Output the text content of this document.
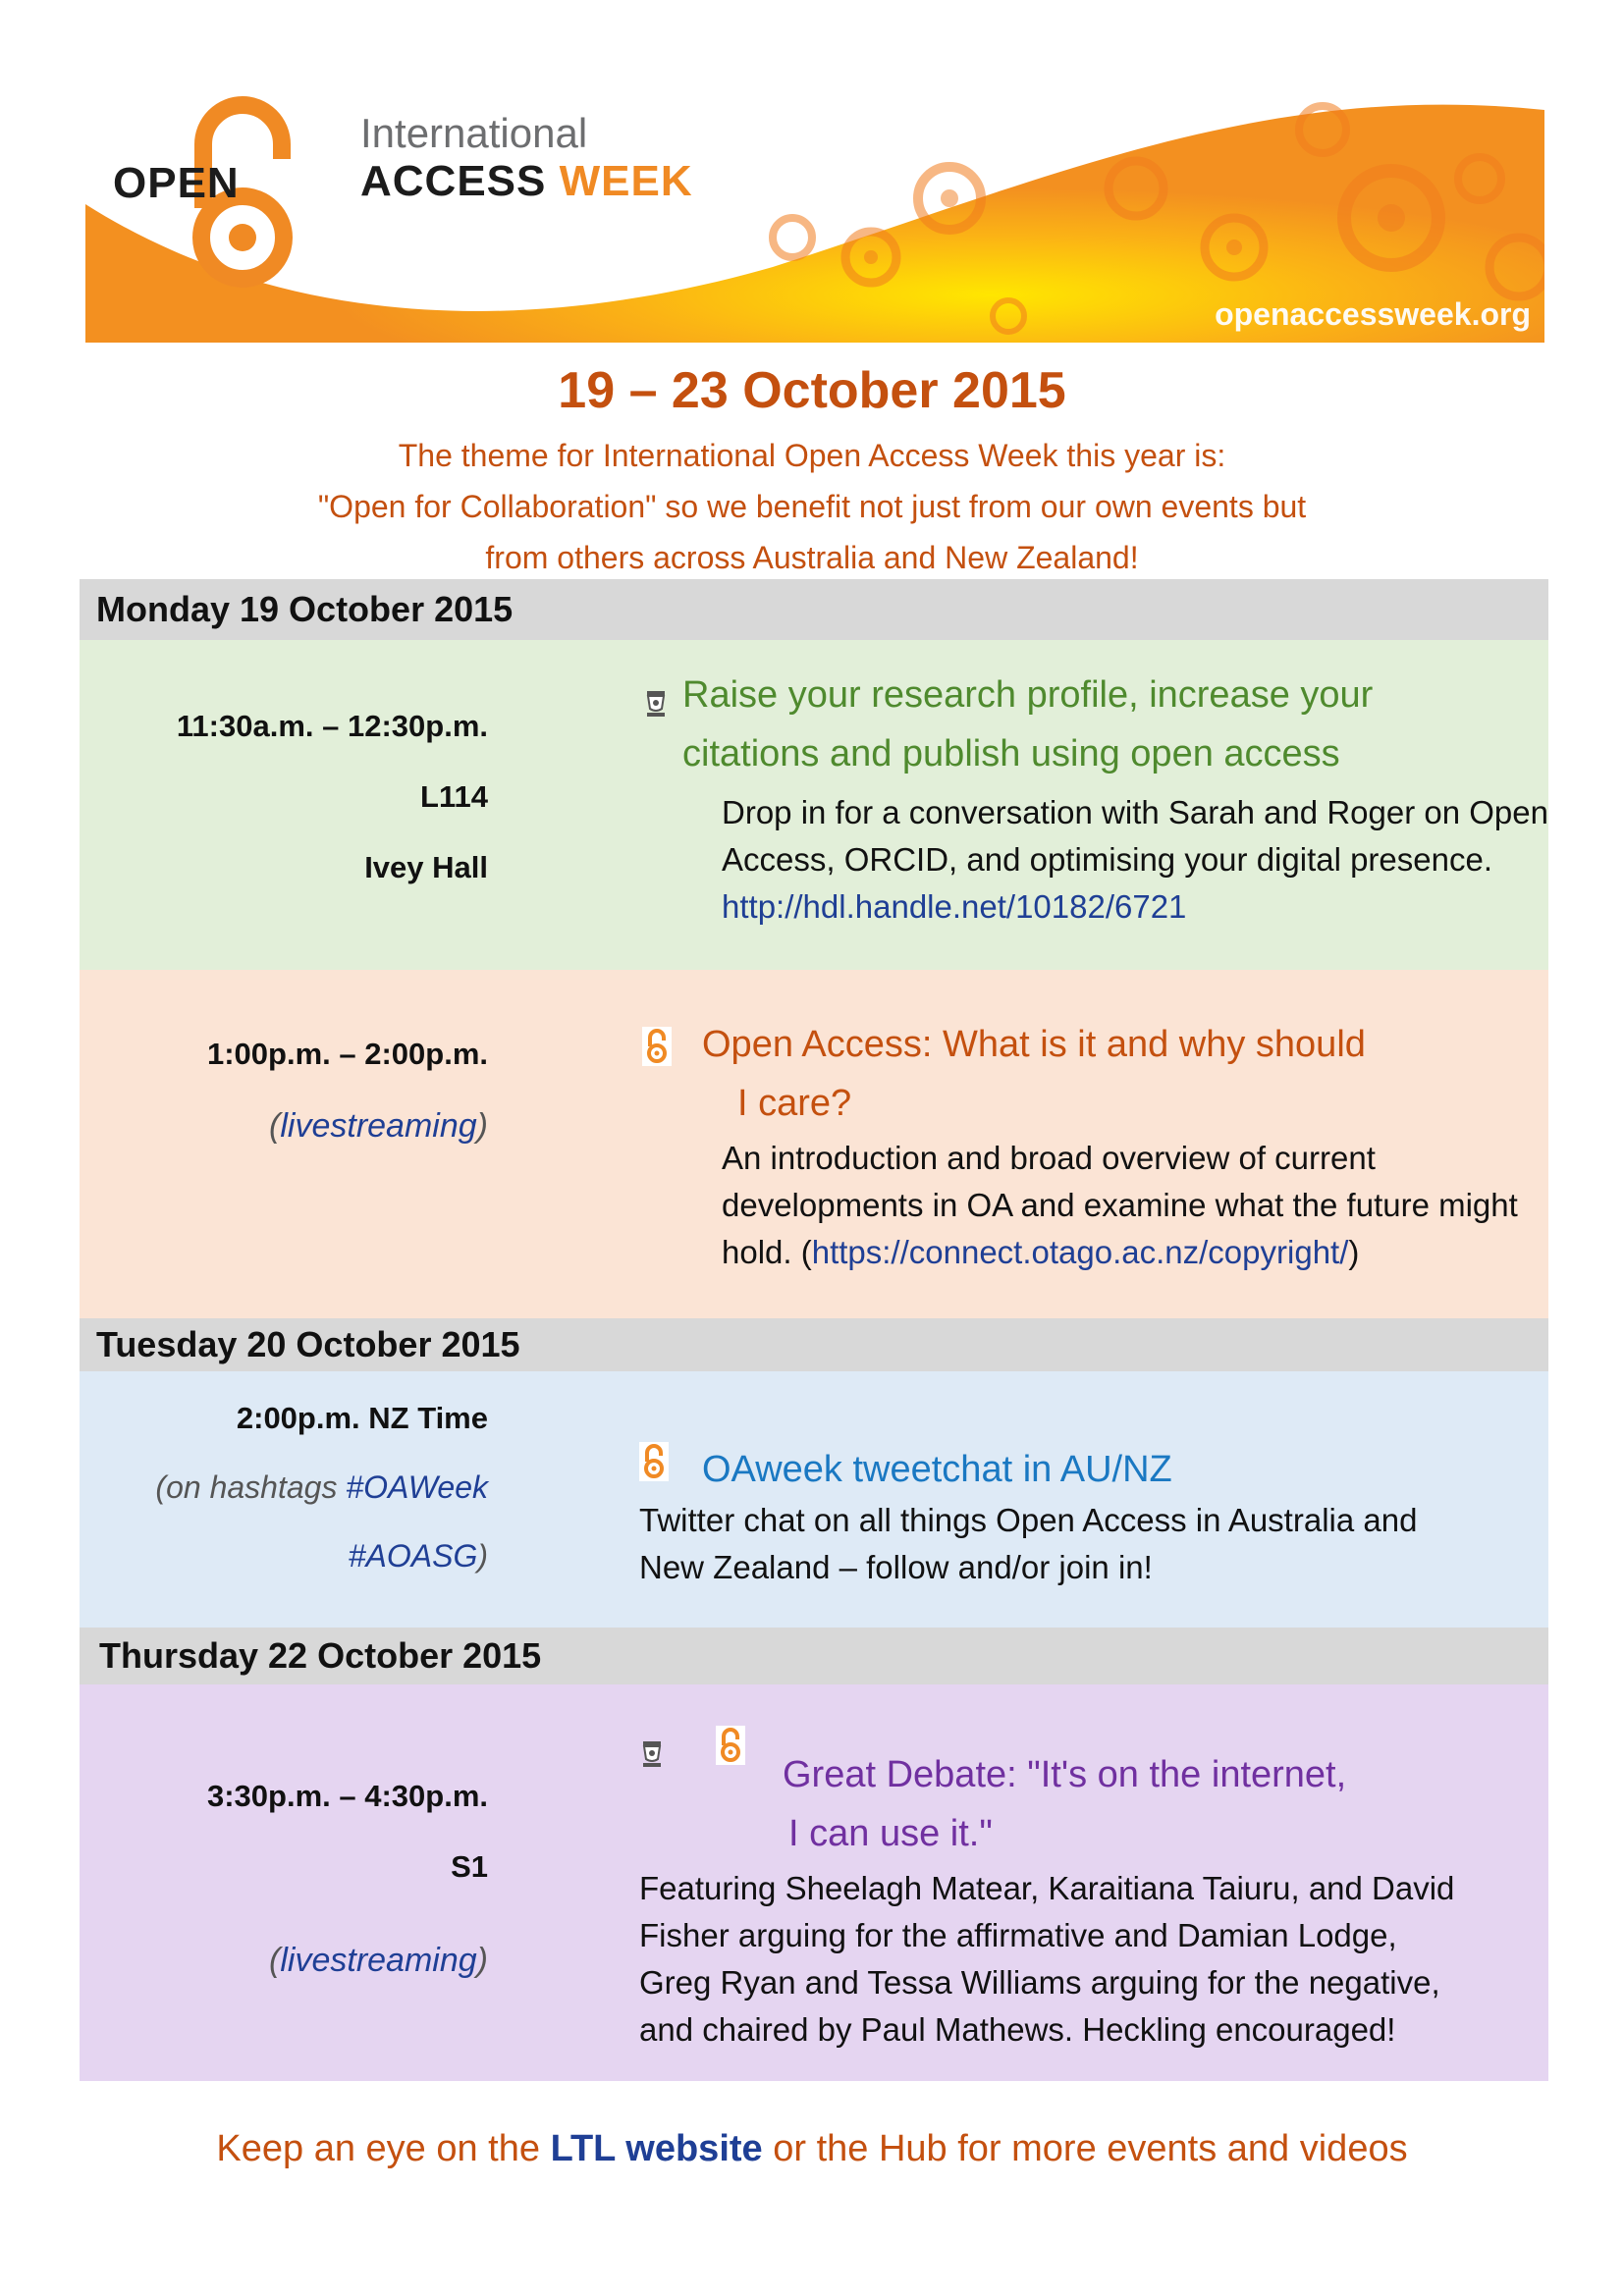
OPEN
International
ACCESS WEEK
openaccessweek.org
19 – 23 October 2015
The theme for International Open Access Week this year is:
"Open for Collaboration" so we benefit not just from our own events but
from others across Australia and New Zealand!
Monday 19 October 2015
11:30a.m. – 12:30p.m.
L114
Ivey Hall
Raise your research profile, increase your
citations and publish using open access
Drop in for a conversation with Sarah and Roger on Open
Access, ORCID, and optimising your digital presence.
http://hdl.handle.net/10182/6721
1:00p.m. – 2:00p.m.
(livestreaming)
Open Access: What is it and why should
I care?
An introduction and broad overview of current
developments in OA and examine what the future might
hold. (https://connect.otago.ac.nz/copyright/)
Tuesday 20 October 2015
2:00p.m. NZ Time
(on hashtags #OAWeek
#AOASG)
OAweek tweetchat in AU/NZ
Twitter chat on all things Open Access in Australia and
New Zealand – follow and/or join in!
Thursday 22 October 2015
3:30p.m. – 4:30p.m.
S1
(livestreaming)
Great Debate: "It's on the internet,
I can use it."
Featuring Sheelagh Matear, Karaitiana Taiuru, and David
Fisher arguing for the affirmative and Damian Lodge,
Greg Ryan and Tessa Williams arguing for the negative,
and chaired by Paul Mathews. Heckling encouraged!
Keep an eye on the LTL website or the Hub for more events and videos
